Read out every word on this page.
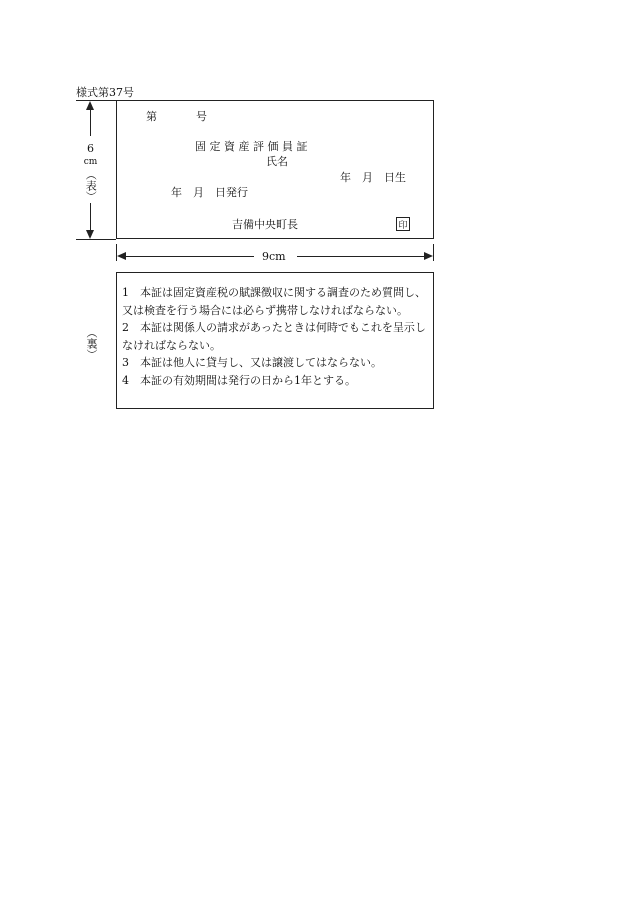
様式第37号
第	号
固 定 資 産 評 価 員 証
氏名
年　月　日生
年　月　日発行
吉備中央町長	印
6
cm
（表）
9cm
（裏）

1　本証は固定資産税の賦課徴収に関する調査のため質問し、又は検査を行う場合には必らず携帯しなければならない。

2　本証は関係人の請求があったときは何時でもこれを呈示しなければならない。

3　本証は他人に貸与し、又は譲渡してはならない。

4　本証の有効期間は発行の日から1年とする。
